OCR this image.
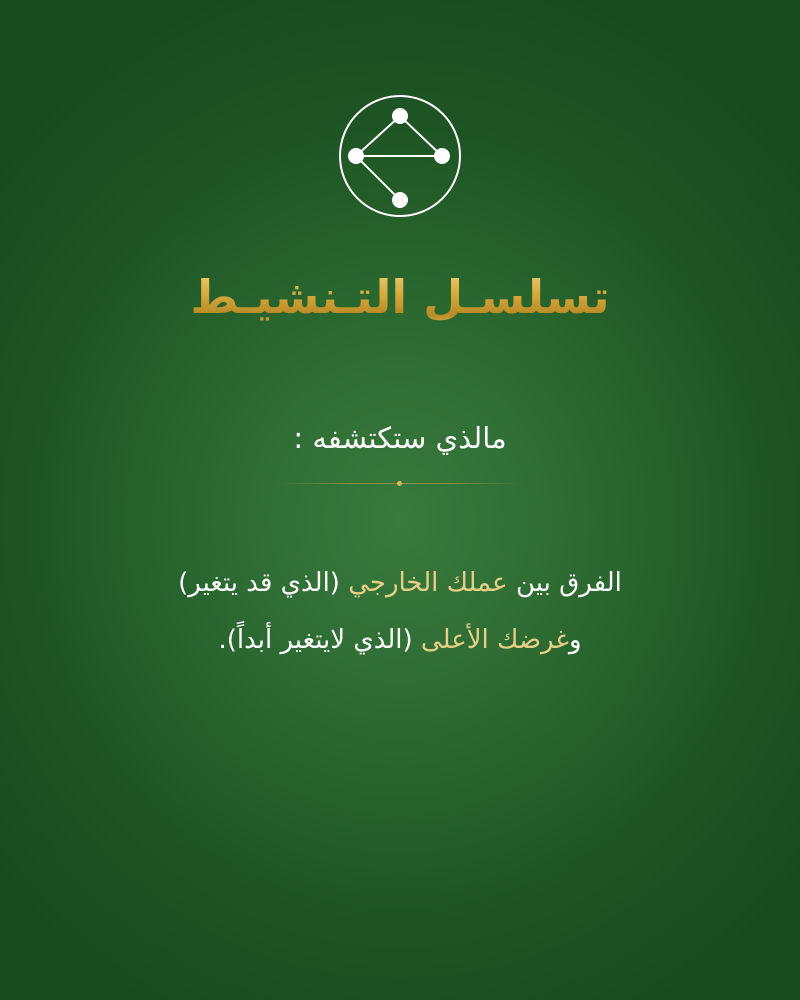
تسلسـل التـنشيـط
مالذي ستكتشفه :
الفرق بين عملك الخارجي (الذي قد يتغير)
وغرضك الأعلى (الذي لايتغير أبداً).
